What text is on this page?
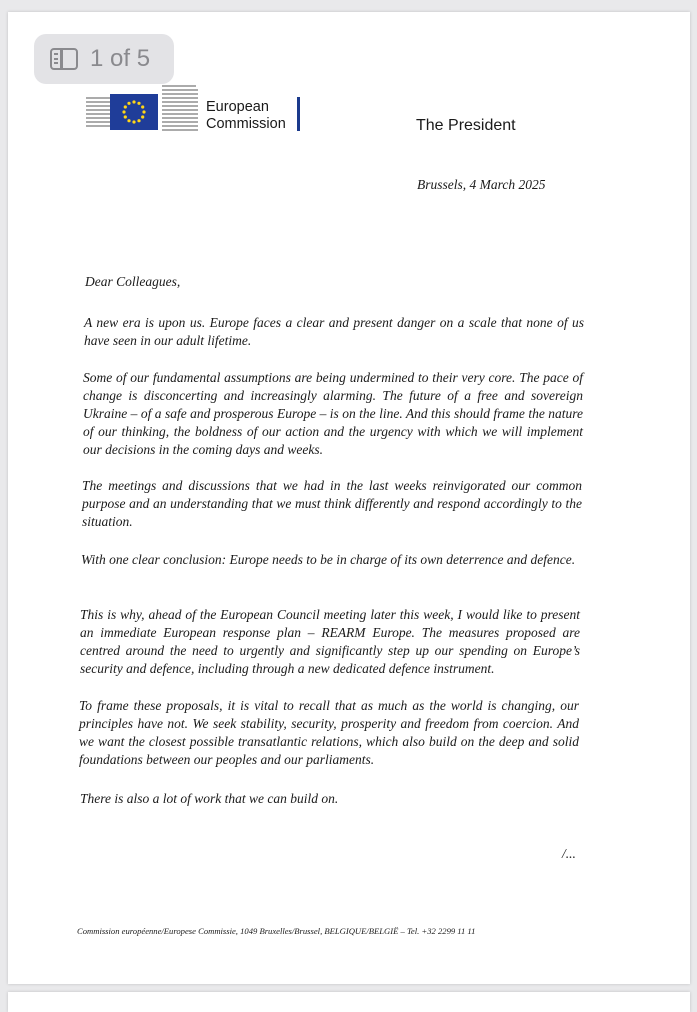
1 of 5
European
Commission	The President
Brussels, 4 March 2025
Dear Colleagues,

A new era is upon us. Europe faces a clear and present danger on a scale that none of us have seen in our adult lifetime.

Some of our fundamental assumptions are being undermined to their very core. The pace of change is disconcerting and increasingly alarming. The future of a free and sovereign Ukraine – of a safe and prosperous Europe – is on the line. And this should frame the nature of our thinking, the boldness of our action and the urgency with which we will implement our decisions in the coming days and weeks.

The meetings and discussions that we had in the last weeks reinvigorated our common purpose and an understanding that we must think differently and respond accordingly to the situation.

With one clear conclusion: Europe needs to be in charge of its own deterrence and defence.

This is why, ahead of the European Council meeting later this week, I would like to present an immediate European response plan – REARM Europe. The measures proposed are centred around the need to urgently and significantly step up our spending on Europe’s security and defence, including through a new dedicated defence instrument.

To frame these proposals, it is vital to recall that as much as the world is changing, our principles have not. We seek stability, security, prosperity and freedom from coercion. And we want the closest possible transatlantic relations, which also build on the deep and solid foundations between our peoples and our parliaments.

There is also a lot of work that we can build on.
/...
Commission européenne/Europese Commissie, 1049 Bruxelles/Brussel, BELGIQUE/BELGIË – Tel. +32 2299 11 11
